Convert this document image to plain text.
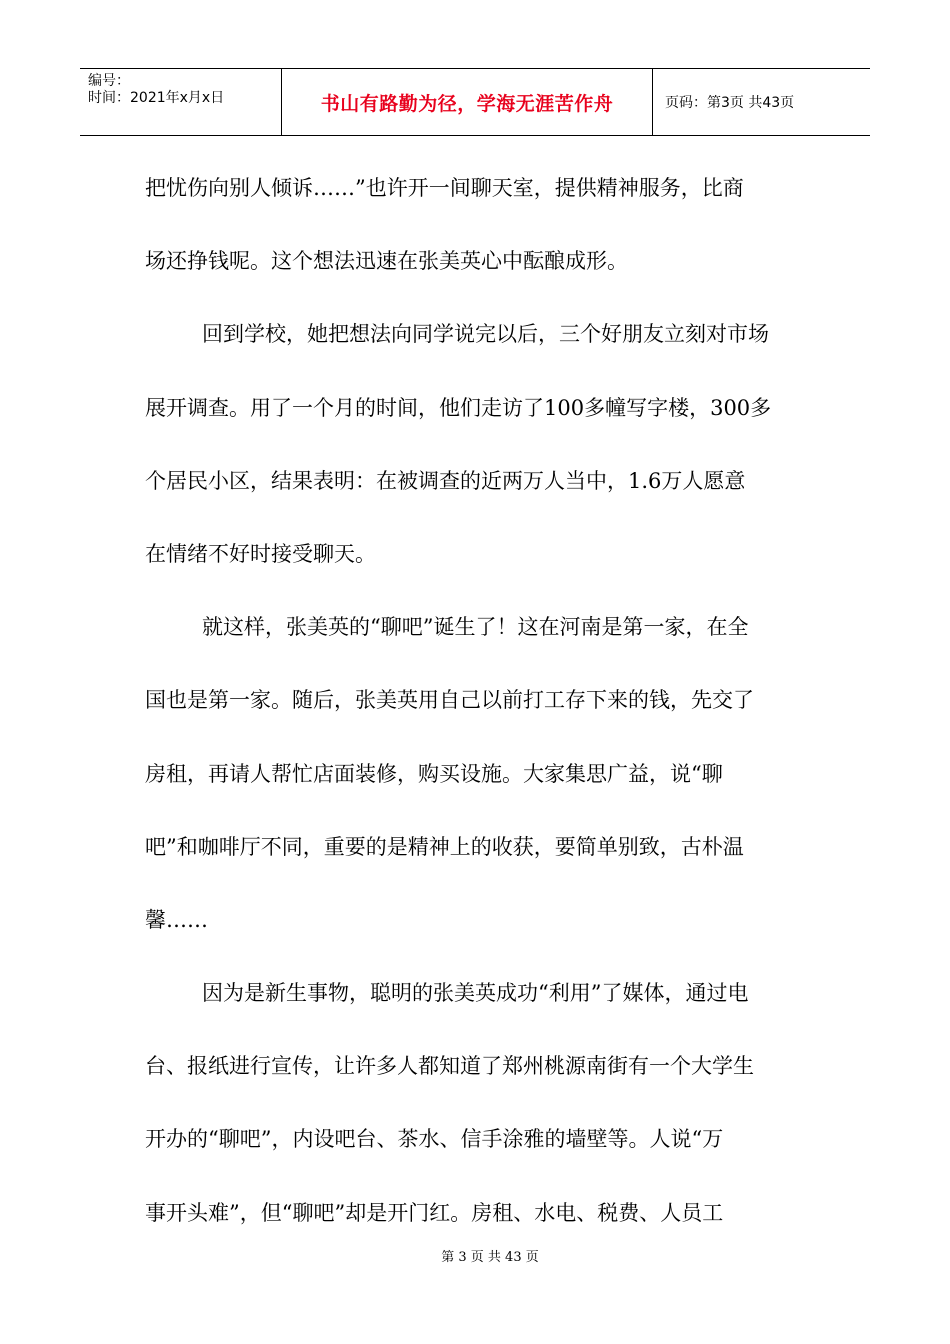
编号：
时间：2021年x月x日	书山有路勤为径，学海无涯苦作舟	页码：第3页 共43页
把忧伤向别人倾诉……”也许开一间聊天室，提供精神服务，比商
场还挣钱呢。这个想法迅速在张美英心中酝酿成形。
回到学校，她把想法向同学说完以后，三个好朋友立刻对市场
展开调查。用了一个月的时间，他们走访了100多幢写字楼，300多
个居民小区，结果表明：在被调查的近两万人当中，1.6万人愿意
在情绪不好时接受聊天。
就这样，张美英的“聊吧”诞生了！这在河南是第一家，在全
国也是第一家。随后，张美英用自己以前打工存下来的钱，先交了
房租，再请人帮忙店面装修，购买设施。大家集思广益，说“聊
吧”和咖啡厅不同，重要的是精神上的收获，要简单别致，古朴温
馨……
因为是新生事物，聪明的张美英成功“利用”了媒体，通过电
台、报纸进行宣传，让许多人都知道了郑州桃源南街有一个大学生
开办的“聊吧”，内设吧台、茶水、信手涂雅的墙壁等。人说“万
事开头难”，但“聊吧”却是开门红。房租、水电、税费、人员工
第 3 页 共 43 页
